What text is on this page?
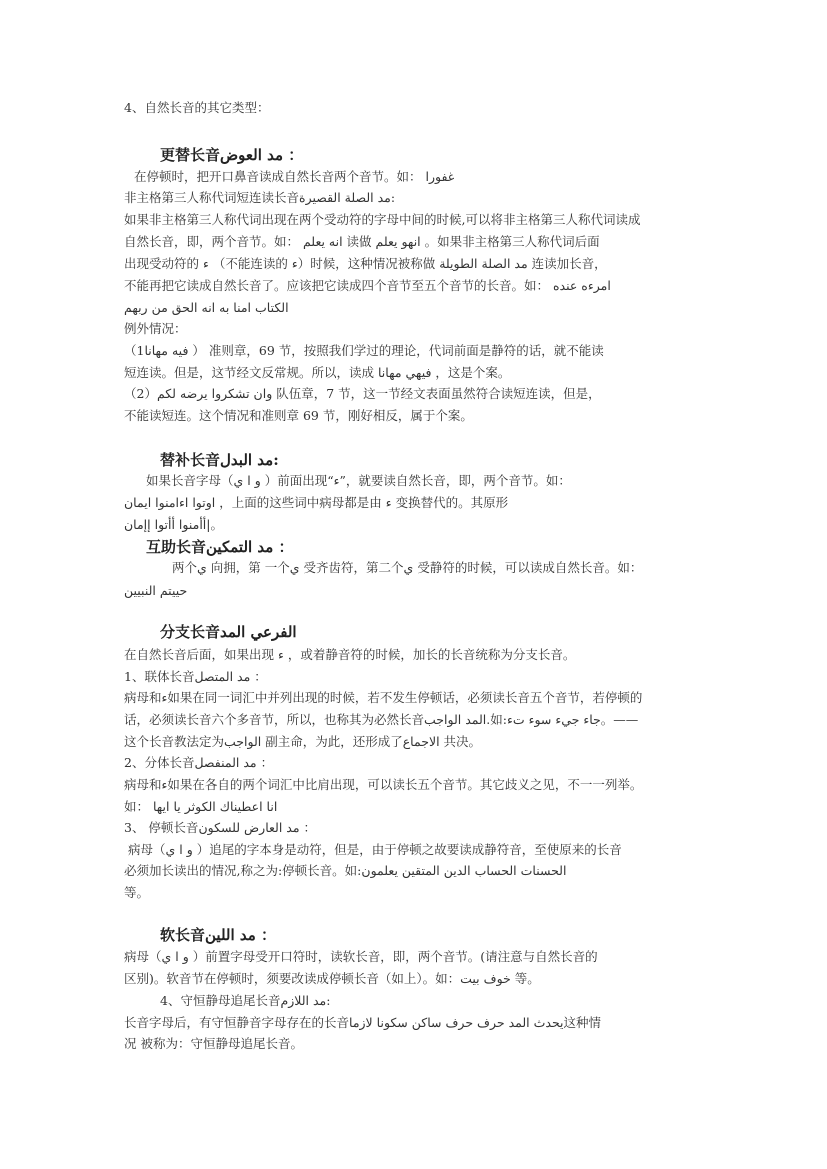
4、自然长音的其它类型：
更替长音مد العوض ：
在停顿时，把开口鼻音读成自然长音两个音节。如： غفورا
非主格第三人称代词短连读长音مد الصلة القصيرة:
如果非主格第三人称代词出现在两个受动符的字母中间的时候,可以将非主格第三人称代词读成
自然长音，即，两个音节。如： انه يعلم 读做 انهو يعلم 。如果非主格第三人称代词后面
出现受动符的 ء （不能连读的 ء）时候，这种情况被称做 مد الصلة الطويلة 连读加长音，
不能再把它读成自然长音了。应该把它读成四个音节至五个音节的长音。如： امرءه عنده
الكتاب امنا به انه الحق من ربهم
例外情况：
（1فيه مهانا ） 准则章，69 节，按照我们学过的理论，代词前面是静符的话，就不能读
短连读。但是，这节经文反常规。所以，读成 فيهي مهانا ，这是个案。
（2）وان تشكروا يرضه لكم 队伍章，7 节，这一节经文表面虽然符合读短连读，但是，
不能读短连。这个情况和准则章 69 节，刚好相反，属于个案。
替补长音مد البدل:
如果长音字母（و ا ي ）前面出现“ء”，就要读自然长音，即，两个音节。如：
اوتوا اءامنوا ايمان ，上面的这些词中病母都是由 ء 变换替代的。其原形
أأمنوا أأتوا إإمان|。
互助长音مد التمكين ：
两个ي 向拥，第 一个ي 受齐齿符，第二个ي 受静符的时候，可以读成自然长音。如：
حييتم النبيين
分支长音الفرعي المد
在自然长音后面，如果出现 ء ，或着静音符的时候，加长的长音统称为分支长音。
1、联体长音مد المتصل ：
病母和ء如果在同一词汇中并列出现的时候，若不发生停顿话，必须读长音五个音节，若停顿的
话，必须读长音六个多音节，所以，也称其为必然长音المد الواجب.如:جاء جيء سوء تء。——
这个长音教法定为الواجب 副主命，为此，还形成了الاجماع 共决。
2、分体长音مد المنفصل ：
病母和ء如果在各自的两个词汇中比肩出现，可以读长五个音节。其它歧义之见，不一一列举。
如： انا اعطيناك الكوثر يا ايها
3、 停顿长音مد العارض للسكون ：
病母（و ا ي ）追尾的字本身是动符，但是，由于停顿之故要读成静符音，至使原来的长音
必须加长读出的情况,称之为:停顿长音。如:الحسنات الحساب الدين المتقين يعلمون
等。
软长音مد اللين ：
病母（و ا ي ）前置字母受开口符时，读软长音，即，两个音节。(请注意与自然长音的
区别)。软音节在停顿时，须要改读成停顿长音（如上）。如：خوف بيت 等。
4、守恒静母追尾长音مد اللازم:
长音字母后，有守恒静音字母存在的长音يحدث المد حرف حرف ساكن سكونا لازما这种情
况 被称为：守恒静母追尾长音。
